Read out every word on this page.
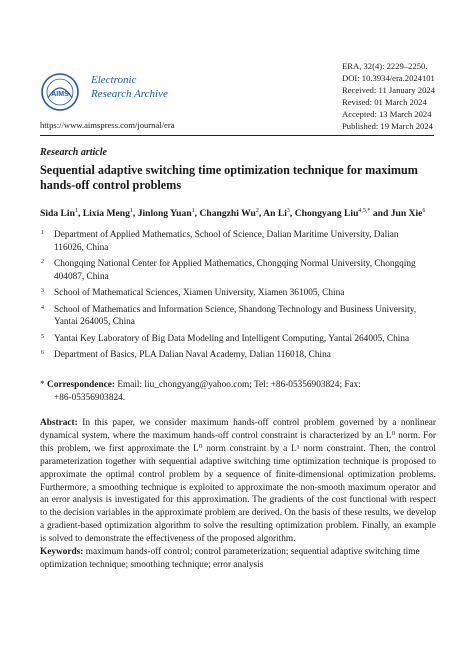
AIMS
Electronic
Research Archive
https://www.aimspress.com/journal/era
ERA, 32(4): 2229–2250.
DOI: 10.3934/era.2024101
Received: 11 January 2024
Revised: 01 March 2024
Accepted: 13 March 2024
Published: 19 March 2024
Research article
Sequential adaptive switching time optimization technique for maximum hands-off control problems
Sida Lin$^1$, Lixia Meng$^1$, Jinlong Yuan$^1$, Changzhi Wu$^2$, An Li$^3$, Chongyang Liu$^{4,5,*}$ and Jun Xie$^6$
1 Department of Applied Mathematics, School of Science, Dalian Maritime University, Dalian
116026, China
2 Chongqing National Center for Applied Mathematics, Chongqing Normal University, Chongqing
404087, China
3 School of Mathematical Sciences, Xiamen University, Xiamen 361005, China
4 School of Mathematics and Information Science, Shandong Technology and Business University,
Yantai 264005, China
5 Yantai Key Laboratory of Big Data Modeling and Intelligent Computing, Yantai 264005, China
6 Department of Basics, PLA Dalian Naval Academy, Dalian 116018, China
* Correspondence: Email: liu_chongyang@yahoo.com; Tel: +86-05356903824; Fax:
+86-05356903824.
Abstract: In this paper, we consider maximum hands-off control problem governed by a nonlinear dynamical system, where the maximum hands-off control constraint is characterized by an L⁰ norm. For this problem, we first approximate the L⁰ norm constraint by a L¹ norm constraint. Then, the control parameterization together with sequential adaptive switching time optimization technique is proposed to approximate the optimal control problem by a sequence of finite-dimensional optimization problems. Furthermore, a smoothing technique is exploited to approximate the non-smooth maximum operator and an error analysis is investigated for this approximation. The gradients of the cost functional with respect to the decision variables in the approximate problem are derived. On the basis of these results, we develop a gradient-based optimization algorithm to solve the resulting optimization problem. Finally, an example is solved to demonstrate the effectiveness of the proposed algorithm.
Keywords: maximum hands-off control; control parameterization; sequential adaptive switching time optimization technique; smoothing technique; error analysis
